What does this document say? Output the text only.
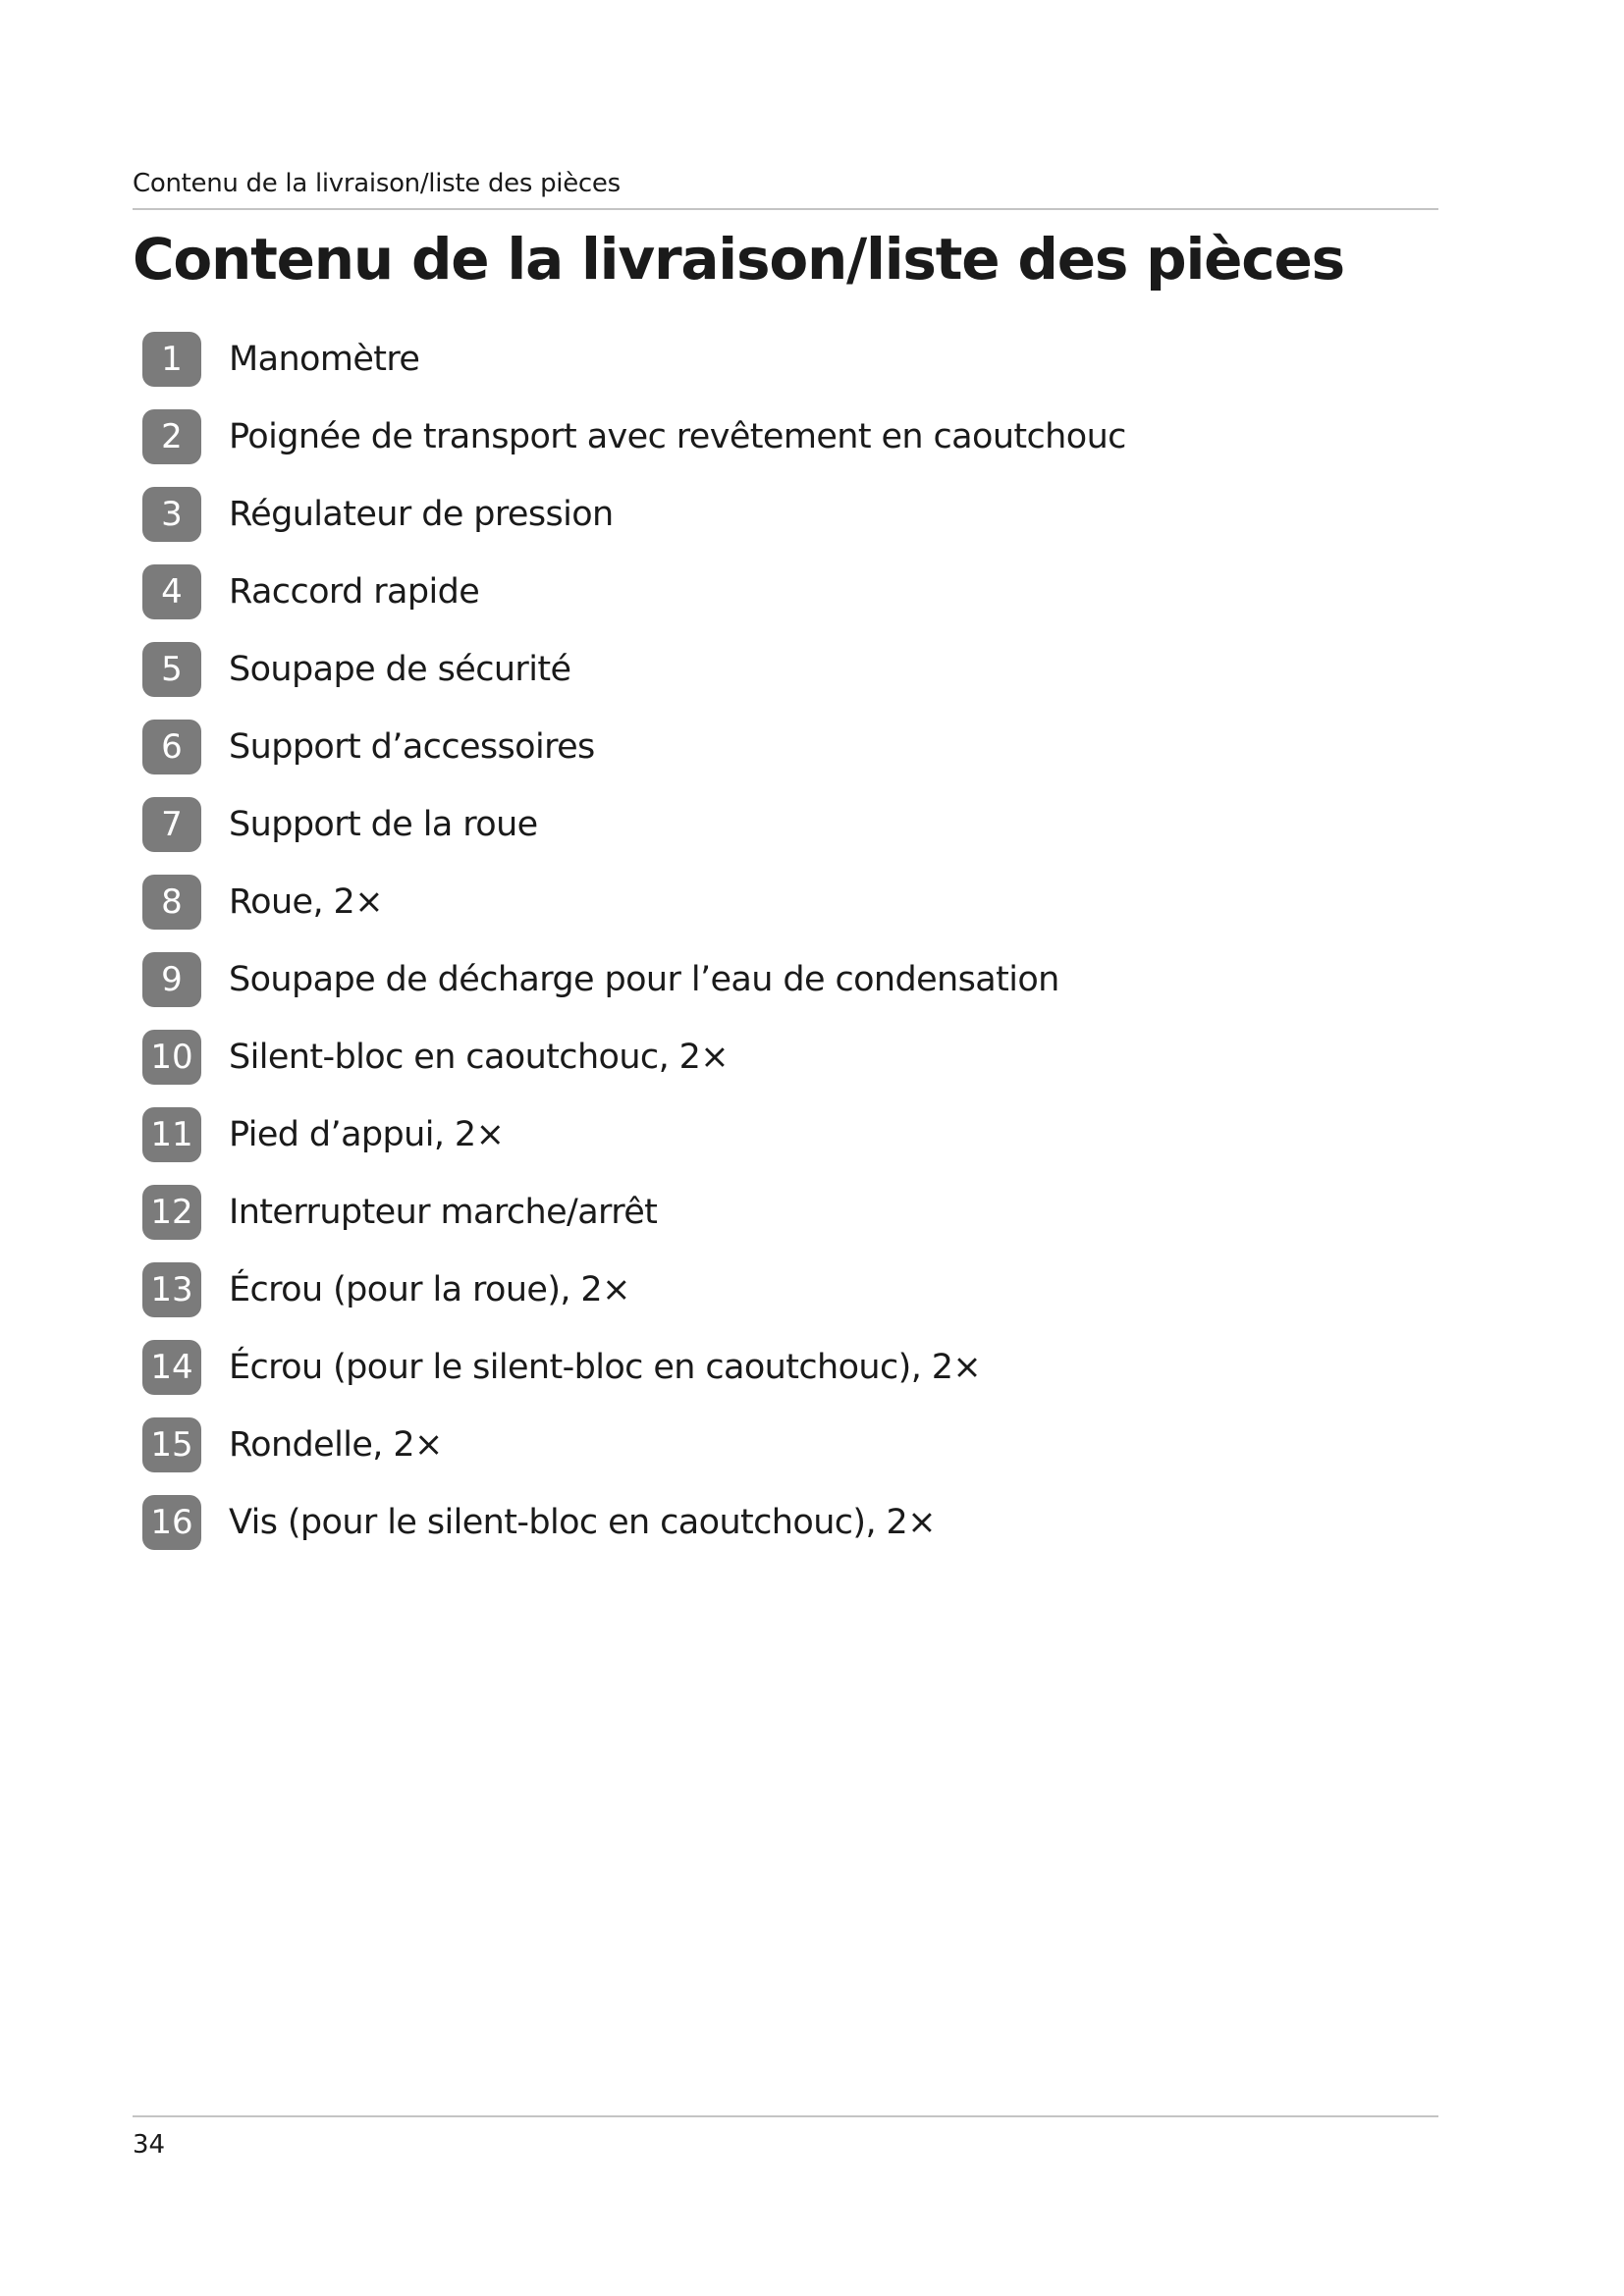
Contenu de la livraison/liste des pièces
Contenu de la livraison/liste des pièces
1	Manomètre
2	Poignée de transport avec revêtement en caoutchouc
3	Régulateur de pression
4	Raccord rapide
5	Soupape de sécurité
6	Support d’accessoires
7	Support de la roue
8	Roue, 2×
9	Soupape de décharge pour l’eau de condensation
10 Silent-bloc en caoutchouc, 2×
11 Pied d’appui, 2×
12 Interrupteur marche/arrêt
13 Écrou (pour la roue), 2×
14 Écrou (pour le silent-bloc en caoutchouc), 2×
15 Rondelle, 2×
16 Vis (pour le silent-bloc en caoutchouc), 2×
34
